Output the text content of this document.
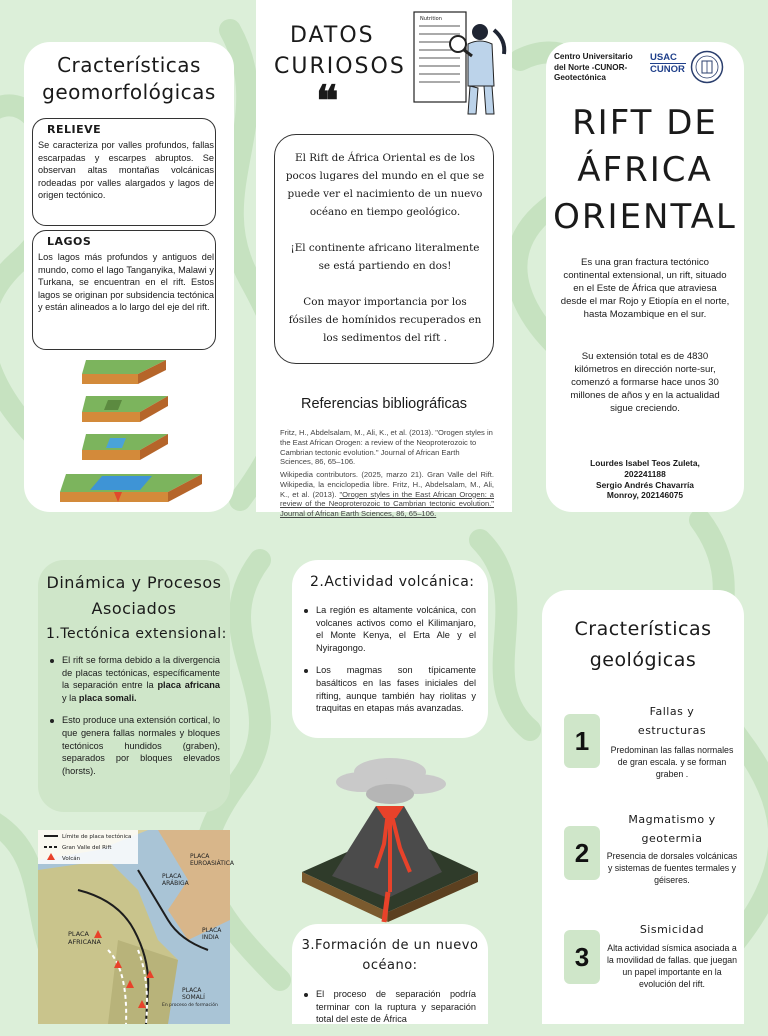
Cracterísticas
geomorfológicas
RELIEVE
Se caracteriza por valles profundos, fallas escarpadas y escarpes abruptos. Se observan altas montañas volcánicas rodeadas por valles alargados y lagos de origen tectónico.
LAGOS
Los lagos más profundos y antiguos del mundo, como el lago Tanganyika, Malawi y Turkana, se encuentran en el rift. Estos lagos se originan por subsidencia tectónica y están alineados a lo largo del eje del rift.
DATOS
CURIOSOS
❝
Nutrition
El Rift de África Oriental es de los pocos lugares del mundo en el que se puede ver el nacimiento de un nuevo océano en tiempo geológico.
¡El continente africano literalmente se está partiendo en dos!
Con mayor importancia por los fósiles de homínidos recuperados en los sedimentos del rift .
Referencias bibliográficas
Fritz, H., Abdelsalam, M., Ali, K., et al. (2013). "Orogen styles in the East African Orogen: a review of the Neoproterozoic to Cambrian tectonic evolution." Journal of African Earth Sciences, 86, 65–106.
Wikipedia contributors. (2025, marzo 21). Gran Valle del Rift. Wikipedia, la enciclopedia libre. Fritz, H., Abdelsalam, M., Ali, K., et al. (2013). "Orogen styles in the East African Orogen: a review of the Neoproterozoic to Cambrian tectonic evolution." Journal of African Earth Sciences, 86, 65–106.
Centro Universitario
del Norte -CUNOR-
Geotectónica
USAC
CUNOR
RIFT DE
ÁFRICA
ORIENTAL
Es una gran fractura tectónico continental extensional, un rift, situado en el Este de África que atraviesa desde el mar Rojo y Etiopía en el norte, hasta Mozambique en el sur.
Su extensión total es de 4830 kilómetros en dirección norte-sur, comenzó a formarse hace unos 30 millones de años y en la actualidad sigue creciendo.
Lourdes Isabel Teos Zuleta,
202241188
Sergio Andrés Chavarría
Monroy, 202146075
Dinámica y Procesos
Asociados
1.Tectónica extensional:
El rift se forma debido a la divergencia de placas tectónicas, específicamente la separación entre la placa africana y la placa somali.
Esto produce una extensión cortical, lo que genera fallas normales y bloques tectónicos hundidos (graben), separados por bloques elevados (horsts).
Límite de placa tectónica
Gran Valle del Rift
Volcán	PLACA
EUROASIÁTICA
PLACA
ARÁBIGA
PLACA
AFRICANA
PLACA
INDIA
PLACA
SOMALÍ
En proceso de formación
2.Actividad volcánica:
La región es altamente volcánica, con volcanes activos como el Kilimanjaro, el Monte Kenya, el Erta Ale y el Nyiragongo.
Los magmas son típicamente basálticos en las fases iniciales del rifting, aunque también hay riolitas y traquitas en etapas más avanzadas.
3.Formación de un nuevo
océano:
El proceso de separación podría terminar con la ruptura y separación total del este de África
Cracterísticas
geológicas
1
Fallas y
estructuras
Predominan las fallas normales de gran escala. y se forman graben .
2
Magmatismo y
geotermia
Presencia de dorsales volcánicas y sistemas de fuentes termales y géiseres.
3
Sismicidad
Alta actividad sísmica asociada a la movilidad de fallas. que juegan un papel importante en la evolución del rift.
